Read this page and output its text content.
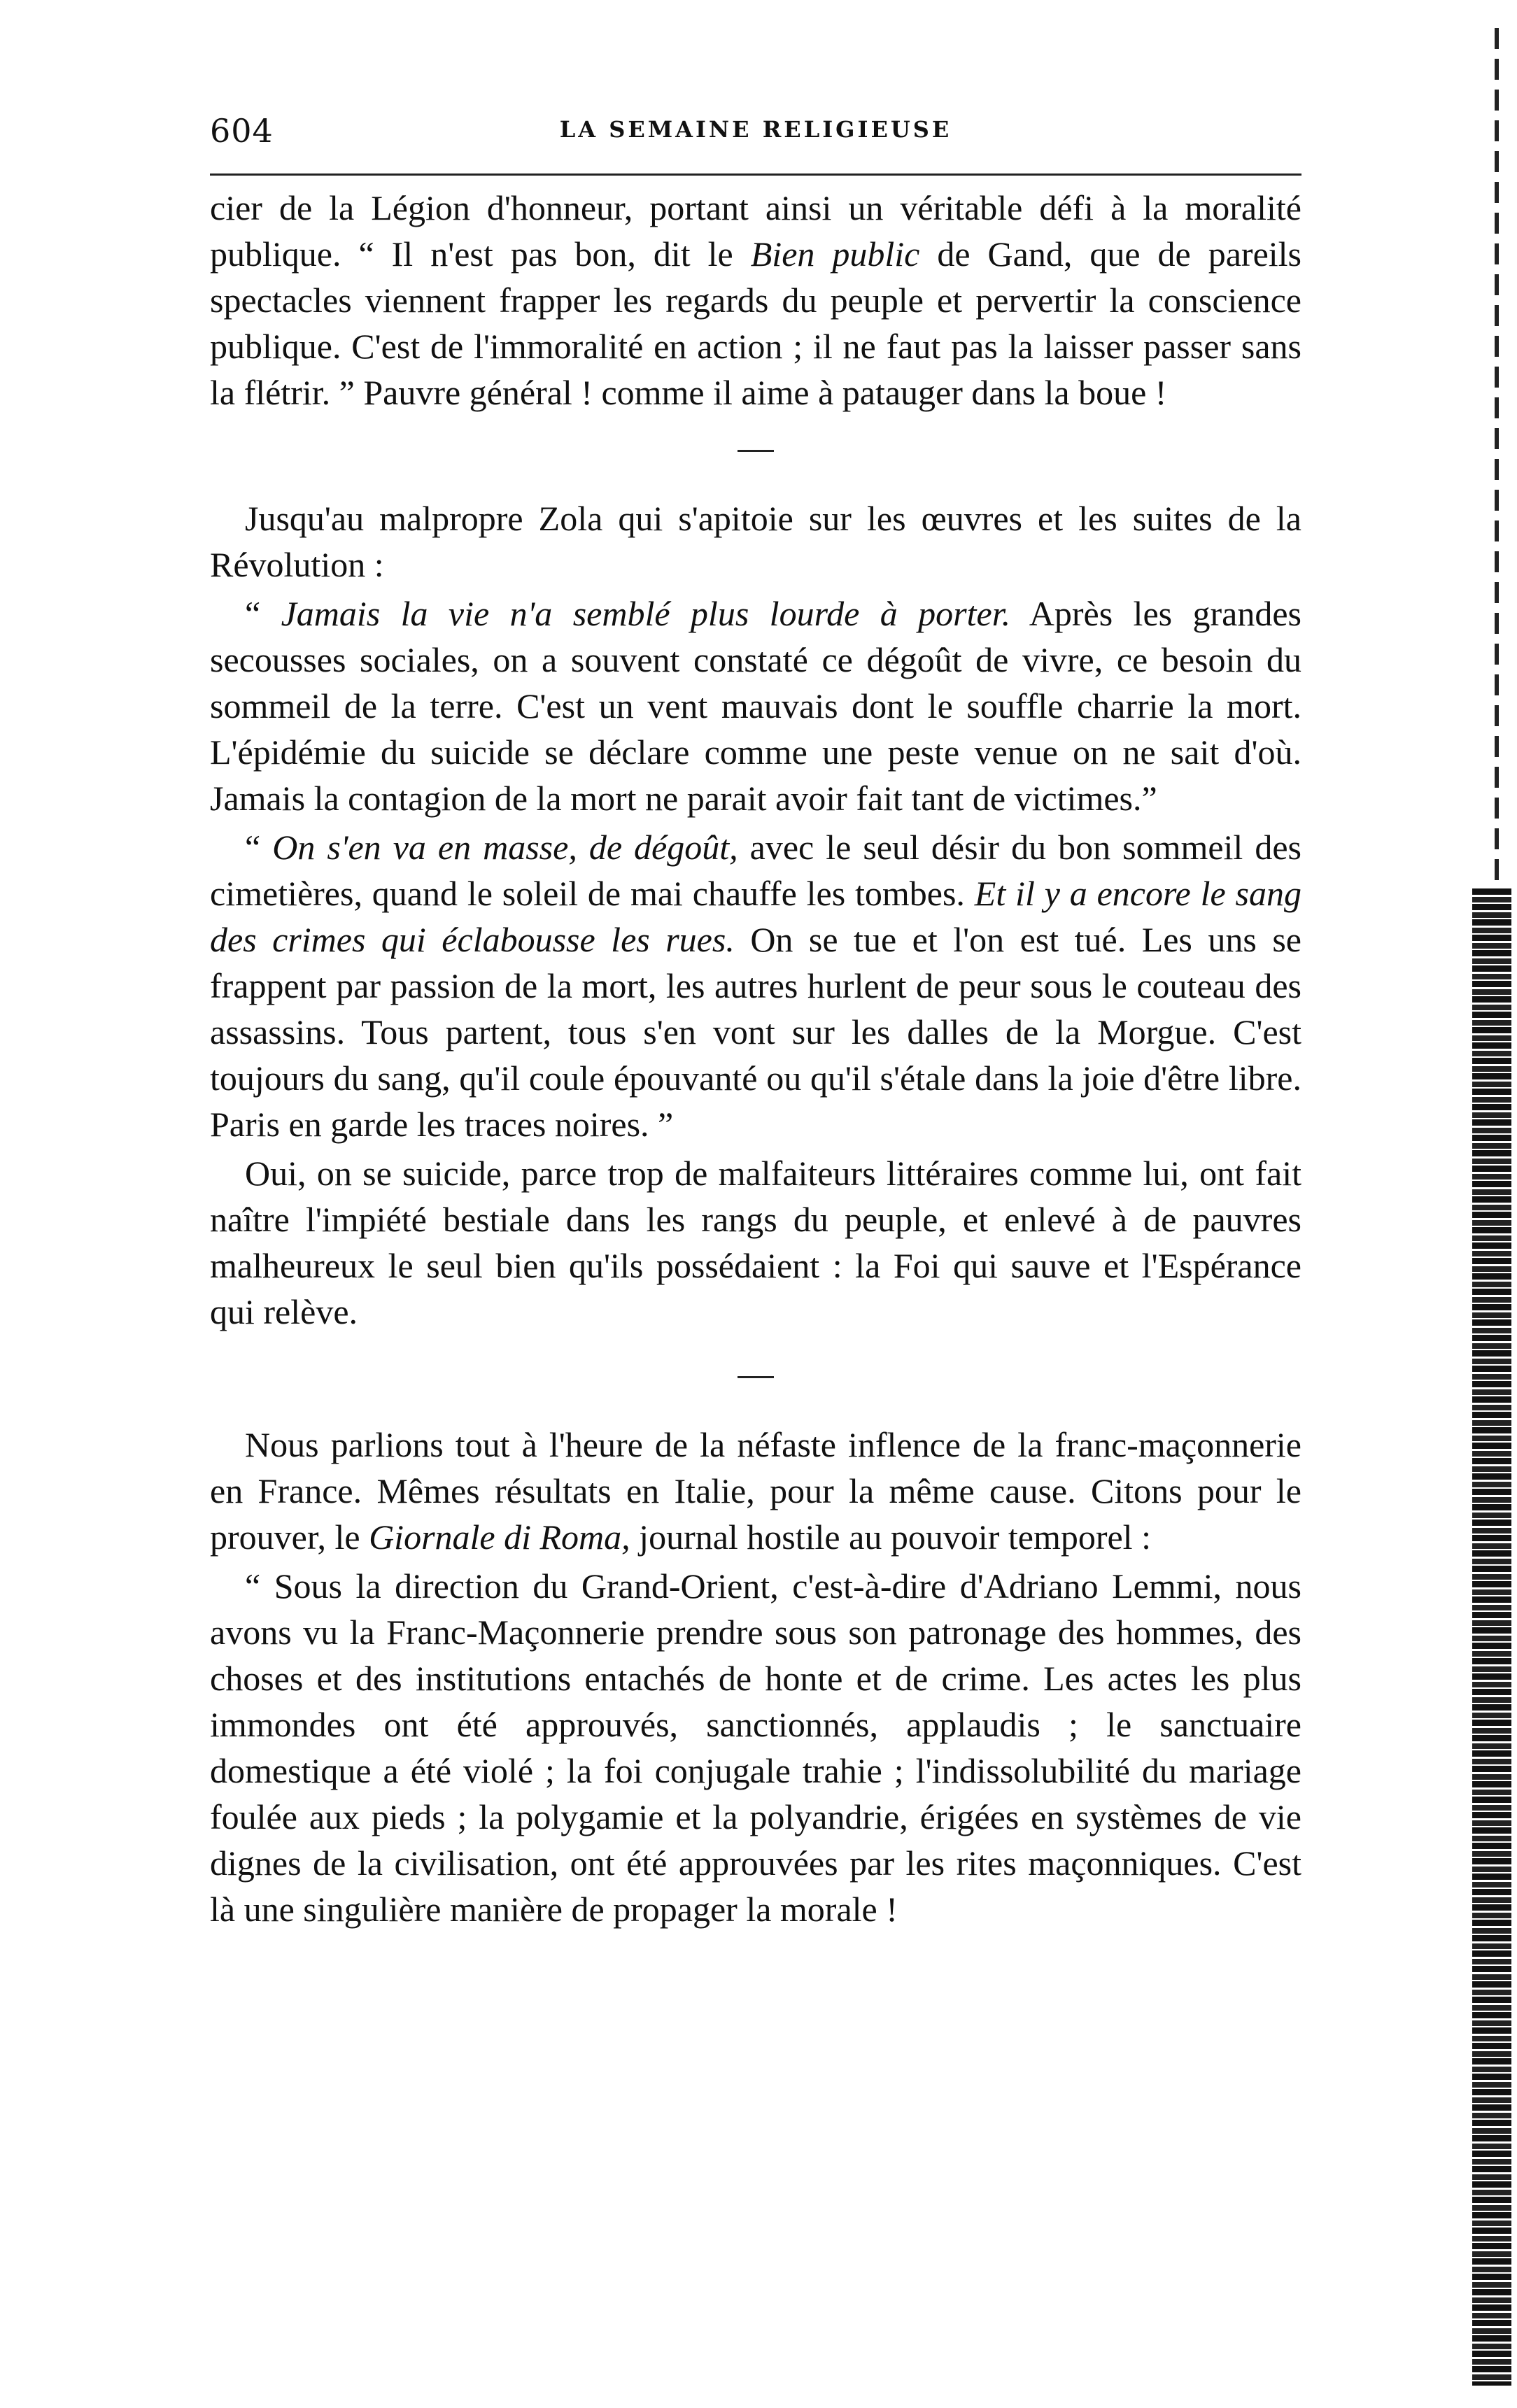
604	LA SEMAINE RELIGIEUSE

cier de la Légion d'honneur, portant ainsi un véritable défi à la moralité publique. “ Il n'est pas bon, dit le Bien public de Gand, que de pareils spectacles viennent frapper les regards du peuple et pervertir la conscience publique. C'est de l'immoralité en action ; il ne faut pas la laisser passer sans la flétrir. ” Pauvre général ! comme il aime à patauger dans la boue !

Jusqu'au malpropre Zola qui s'apitoie sur les œuvres et les suites de la Révolution :

“ Jamais la vie n'a semblé plus lourde à porter. Après les grandes secousses sociales, on a souvent constaté ce dégoût de vivre, ce besoin du sommeil de la terre. C'est un vent mauvais dont le souffle charrie la mort. L'épidémie du suicide se déclare comme une peste venue on ne sait d'où. Jamais la contagion de la mort ne parait avoir fait tant de victimes.”

“ On s'en va en masse, de dégoût, avec le seul désir du bon sommeil des cimetières, quand le soleil de mai chauffe les tombes. Et il y a encore le sang des crimes qui éclabousse les rues. On se tue et l'on est tué. Les uns se frappent par passion de la mort, les autres hurlent de peur sous le couteau des assassins. Tous partent, tous s'en vont sur les dalles de la Morgue. C'est toujours du sang, qu'il coule épouvanté ou qu'il s'étale dans la joie d'être libre. Paris en garde les traces noires. ”

Oui, on se suicide, parce trop de malfaiteurs littéraires comme lui, ont fait naître l'impiété bestiale dans les rangs du peuple, et enlevé à de pauvres malheureux le seul bien qu'ils possédaient : la Foi qui sauve et l'Espérance qui relève.

Nous parlions tout à l'heure de la néfaste inflence de la franc-maçonnerie en France. Mêmes résultats en Italie, pour la même cause. Citons pour le prouver, le Giornale di Roma, journal hostile au pouvoir temporel :

“ Sous la direction du Grand-Orient, c'est-à-dire d'Adriano Lemmi, nous avons vu la Franc-Maçonnerie prendre sous son patronage des hommes, des choses et des institutions entachés de honte et de crime. Les actes les plus immondes ont été approuvés, sanctionnés, applaudis ; le sanctuaire domestique a été violé ; la foi conjugale trahie ; l'indissolubilité du mariage foulée aux pieds ; la polygamie et la polyandrie, érigées en systèmes de vie dignes de la civilisation, ont été approuvées par les rites maçonniques. C'est là une singulière manière de propager la morale !
